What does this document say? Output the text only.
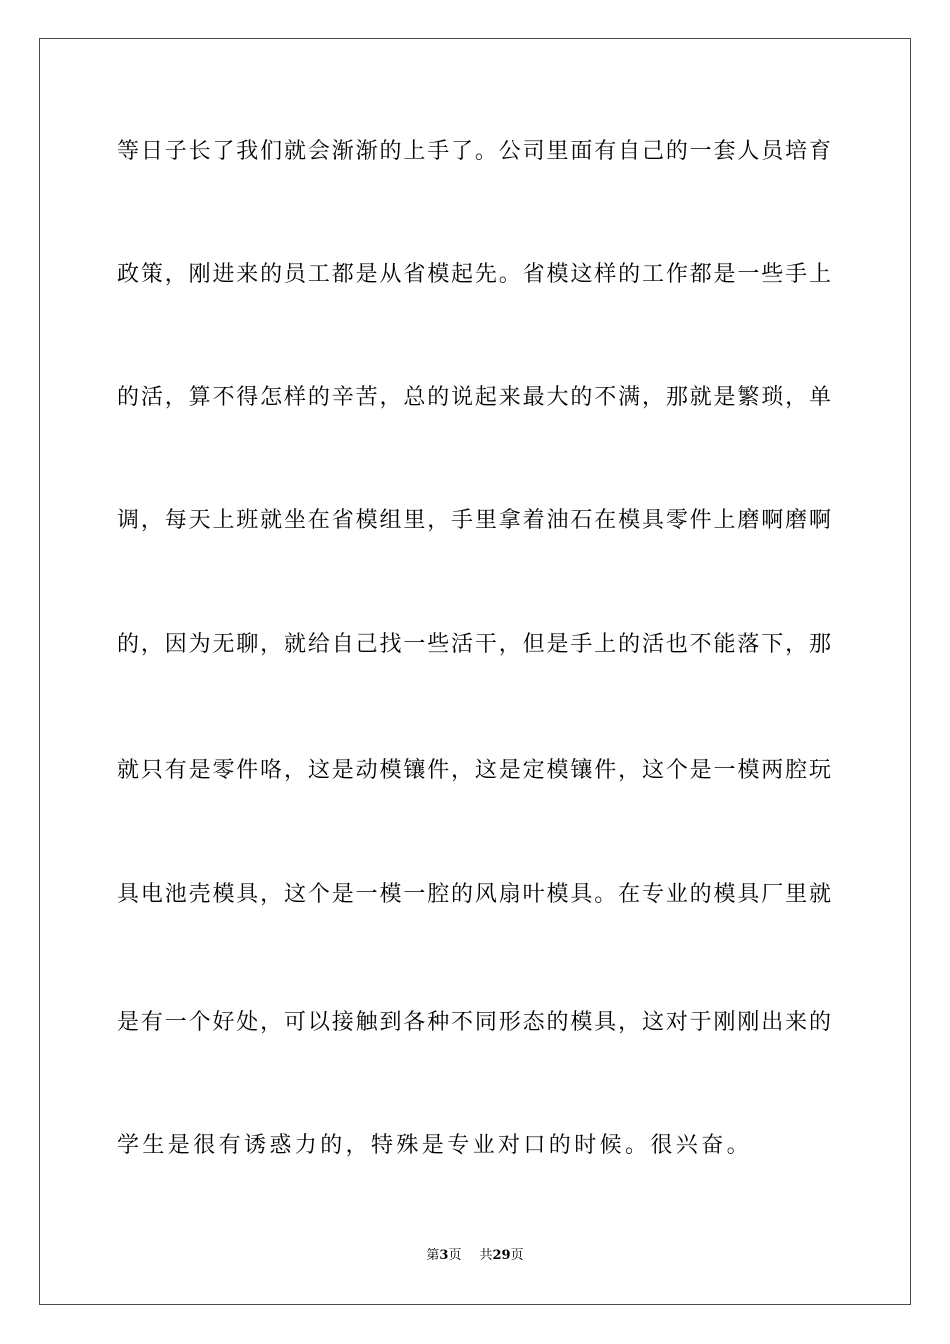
等日子长了我们就会渐渐的上手了。公司里面有自己的一套人员培育
政策，刚进来的员工都是从省模起先。省模这样的工作都是一些手上
的活，算不得怎样的辛苦，总的说起来最大的不满，那就是繁琐，单
调，每天上班就坐在省模组里，手里拿着油石在模具零件上磨啊磨啊
的，因为无聊，就给自己找一些活干，但是手上的活也不能落下，那
就只有是零件咯，这是动模镶件，这是定模镶件，这个是一模两腔玩
具电池壳模具，这个是一模一腔的风扇叶模具。在专业的模具厂里就
是有一个好处，可以接触到各种不同形态的模具，这对于刚刚出来的
学生是很有诱惑力的，特殊是专业对口的时候。很兴奋。
第3页 共29页
